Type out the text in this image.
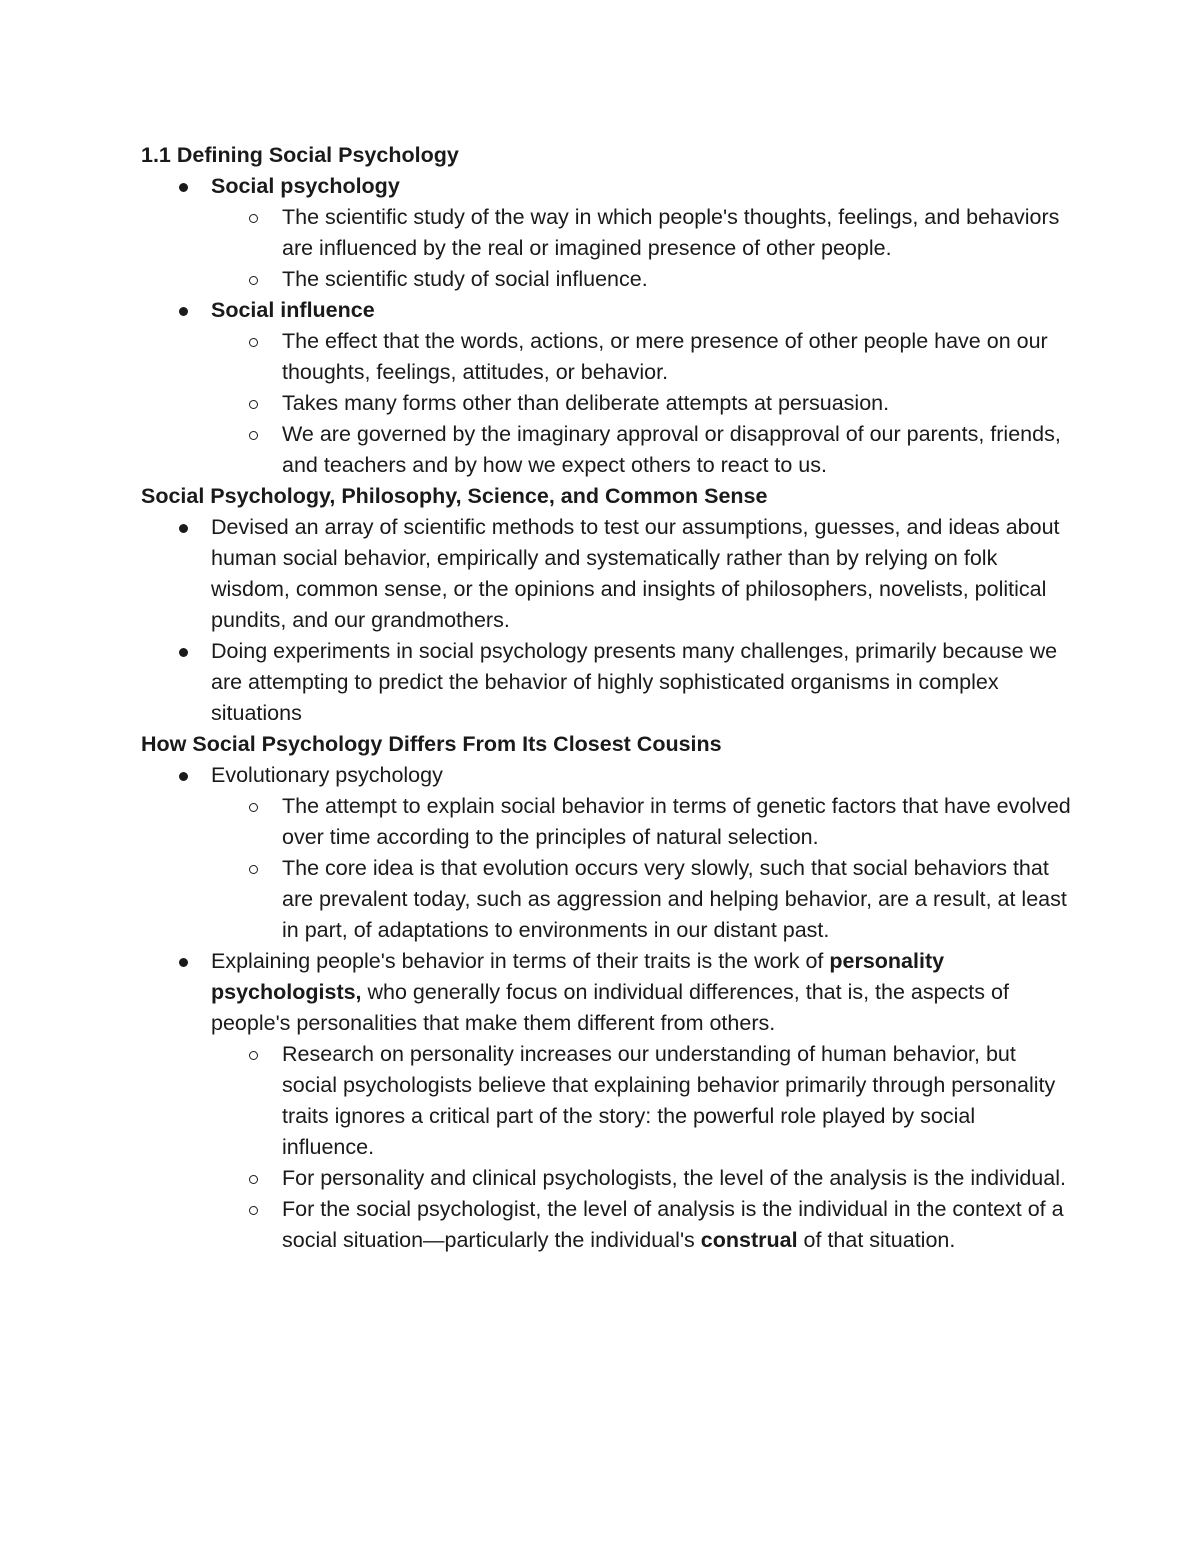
1.1 Defining Social Psychology

Social psychology
The scientific study of the way in which people's thoughts, feelings, and behaviors are influenced by the real or imagined presence of other people.
The scientific study of social influence.
Social influence
The effect that the words, actions, or mere presence of other people have on our thoughts, feelings, attitudes, or behavior.
Takes many forms other than deliberate attempts at persuasion.
We are governed by the imaginary approval or disapproval of our parents, friends, and teachers and by how we expect others to react to us.

Social Psychology, Philosophy, Science, and Common Sense

Devised an array of scientific methods to test our assumptions, guesses, and ideas about human social behavior, empirically and systematically rather than by relying on folk wisdom, common sense, or the opinions and insights of philosophers, novelists, political pundits, and our grandmothers.
Doing experiments in social psychology presents many challenges, primarily because we are attempting to predict the behavior of highly sophisticated organisms in complex situations

How Social Psychology Differs From Its Closest Cousins

Evolutionary psychology
The attempt to explain social behavior in terms of genetic factors that have evolved over time according to the principles of natural selection.
The core idea is that evolution occurs very slowly, such that social behaviors that are prevalent today, such as aggression and helping behavior, are a result, at least in part, of adaptations to environments in our distant past.
Explaining people's behavior in terms of their traits is the work of personality psychologists, who generally focus on individual differences, that is, the aspects of people's personalities that make them different from others.
Research on personality increases our understanding of human behavior, but social psychologists believe that explaining behavior primarily through personality traits ignores a critical part of the story: the powerful role played by social influence.
For personality and clinical psychologists, the level of the analysis is the individual.
For the social psychologist, the level of analysis is the individual in the context of a social situation—particularly the individual's construal of that situation.
